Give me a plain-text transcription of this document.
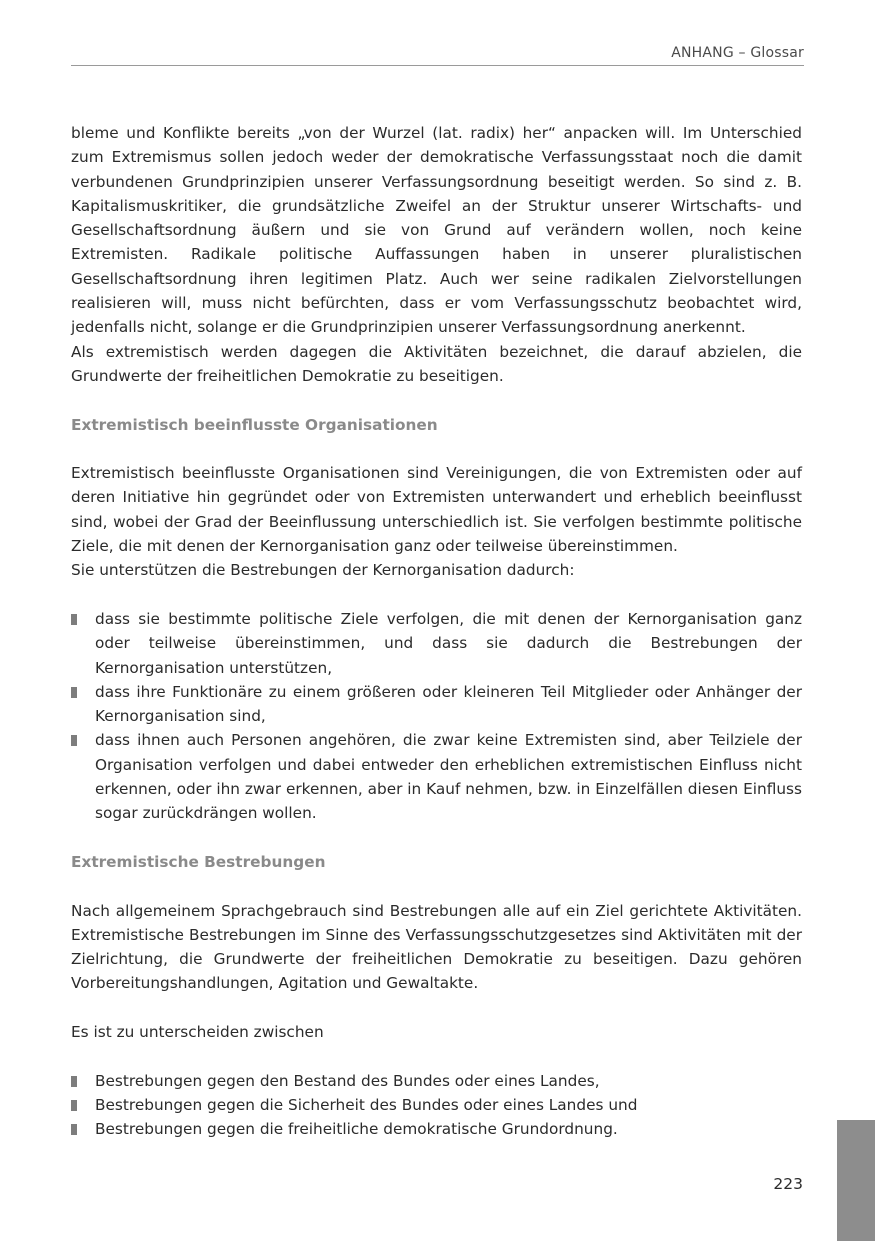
ANHANG – Glossar

bleme und Konflikte bereits „von der Wurzel (lat. radix) her“ anpacken will. Im Unterschied zum Extremismus sollen jedoch weder der demokratische Verfassungsstaat noch die damit verbundenen Grundprinzipien unserer Verfassungsordnung beseitigt werden. So sind z. B. Kapitalismuskritiker, die grundsätzliche Zweifel an der Struktur unserer Wirtschafts- und Gesellschaftsordnung äußern und sie von Grund auf verändern wollen, noch keine Extremisten. Radikale politische Auffassungen haben in unserer pluralistischen Gesellschaftsordnung ihren legitimen Platz. Auch wer seine radikalen Zielvorstellungen realisieren will, muss nicht befürchten, dass er vom Verfassungsschutz beobachtet wird, jedenfalls nicht, solange er die Grundprinzipien unserer Verfassungsordnung anerkennt.

Als extremistisch werden dagegen die Aktivitäten bezeichnet, die darauf abzielen, die Grundwerte der freiheitlichen Demokratie zu beseitigen.

Extremistisch beeinflusste Organisationen

Extremistisch beeinflusste Organisationen sind Vereinigungen, die von Extremisten oder auf deren Initiative hin gegründet oder von Extremisten unterwandert und erheblich beeinflusst sind, wobei der Grad der Beeinflussung unterschiedlich ist. Sie verfolgen bestimmte politische Ziele, die mit denen der Kernorganisation ganz oder teilweise übereinstimmen.

Sie unterstützen die Bestrebungen der Kernorganisation dadurch:

dass sie bestimmte politische Ziele verfolgen, die mit denen der Kernorganisation ganz oder teilweise übereinstimmen, und dass sie dadurch die Bestrebungen der Kernorganisation unterstützen,
dass ihre Funktionäre zu einem größeren oder kleineren Teil Mitglieder oder Anhänger der Kernorganisation sind,
dass ihnen auch Personen angehören, die zwar keine Extremisten sind, aber Teilziele der Organisation verfolgen und dabei entweder den erheblichen extremistischen Einfluss nicht erkennen, oder ihn zwar erkennen, aber in Kauf nehmen, bzw. in Einzelfällen diesen Einfluss sogar zurückdrängen wollen.
Extremistische Bestrebungen

Nach allgemeinem Sprachgebrauch sind Bestrebungen alle auf ein Ziel gerichtete Aktivitäten. Extremistische Bestrebungen im Sinne des Verfassungsschutzgesetzes sind Aktivitäten mit der Zielrichtung, die Grundwerte der freiheitlichen Demokratie zu beseitigen. Dazu gehören Vorbereitungshandlungen, Agitation und Gewaltakte.

Es ist zu unterscheiden zwischen

Bestrebungen gegen den Bestand des Bundes oder eines Landes,
Bestrebungen gegen die Sicherheit des Bundes oder eines Landes und
Bestrebungen gegen die freiheitliche demokratische Grundordnung.
223
